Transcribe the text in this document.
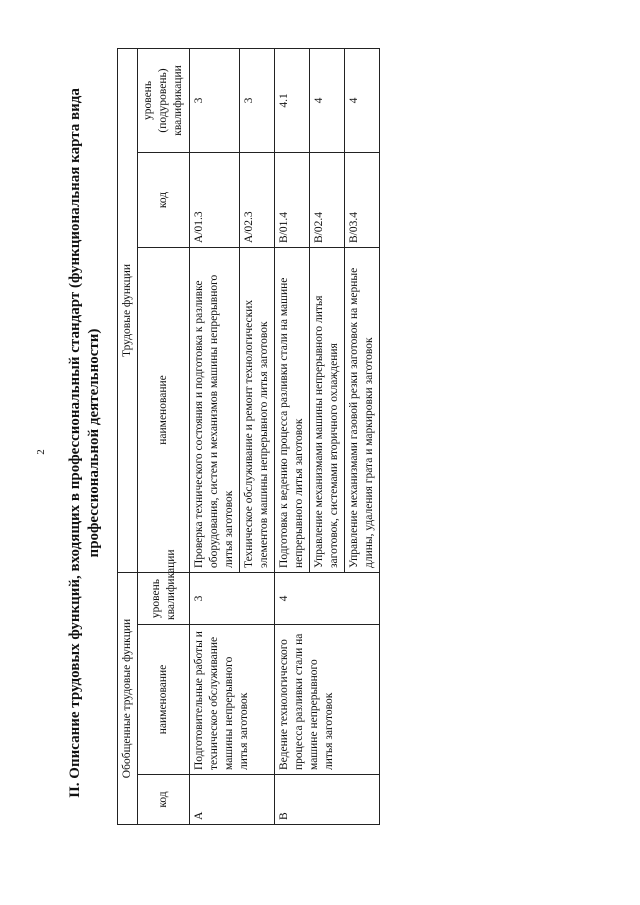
2 II. Описание трудовых функций, входящих в профессиональный стандарт (функциональная карта вида профессиональной деятельности)
Обобщенные трудовые функции			Трудовые функции		
код	наименование	уровень квалификации	наименование	код	уровень (подуровень) квалификации
А	Подготовительные работы и техническое обслуживание машины непрерывного литья заготовок	3	Проверка технического состояния и подготовка к разливке оборудования, систем и механизмов машины непрерывного литья заготовок	А/01.3	3
			Техническое обслуживание и ремонт технологических элементов машины непрерывного литья заготовок	А/02.3	3
В	Ведение технологического процесса разливки стали на машине непрерывного литья заготовок	4	Подготовка к ведению процесса разливки стали на машине непрерывного литья заготовок	В/01.4	4.1
			Управление механизмами машины непрерывного литья заготовок, системами вторичного охлаждения	В/02.4	4
			Управление механизмами газовой резки заготовок на мерные длины, удаления грата и маркировки заготовок	В/03.4	4
